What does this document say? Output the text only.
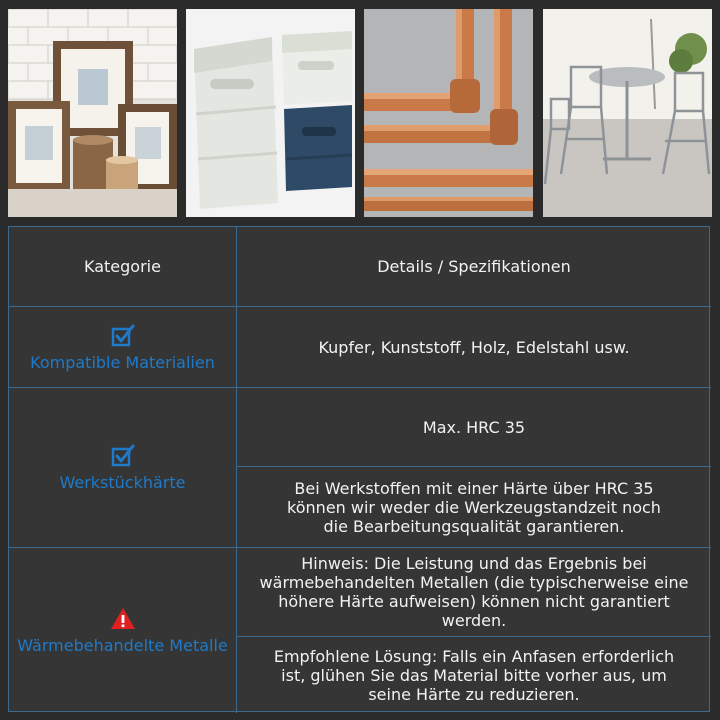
Kategorie	Details / Spezifikationen
Kompatible Materialien
Kupfer, Kunststoff, Holz, Edelstahl usw.
Werkstückhärte
Max. HRC 35
Bei Werkstoffen mit einer Härte über HRC 35 können wir weder die Werkzeugstandzeit noch die Bearbeitungsqualität garantieren.
Wärmebehandelte Metalle
Hinweis: Die Leistung und das Ergebnis bei wärmebehandelten Metallen (die typischerweise eine höhere Härte aufweisen) können nicht garantiert werden.
Empfohlene Lösung: Falls ein Anfasen erforderlich ist, glühen Sie das Material bitte vorher aus, um seine Härte zu reduzieren.
